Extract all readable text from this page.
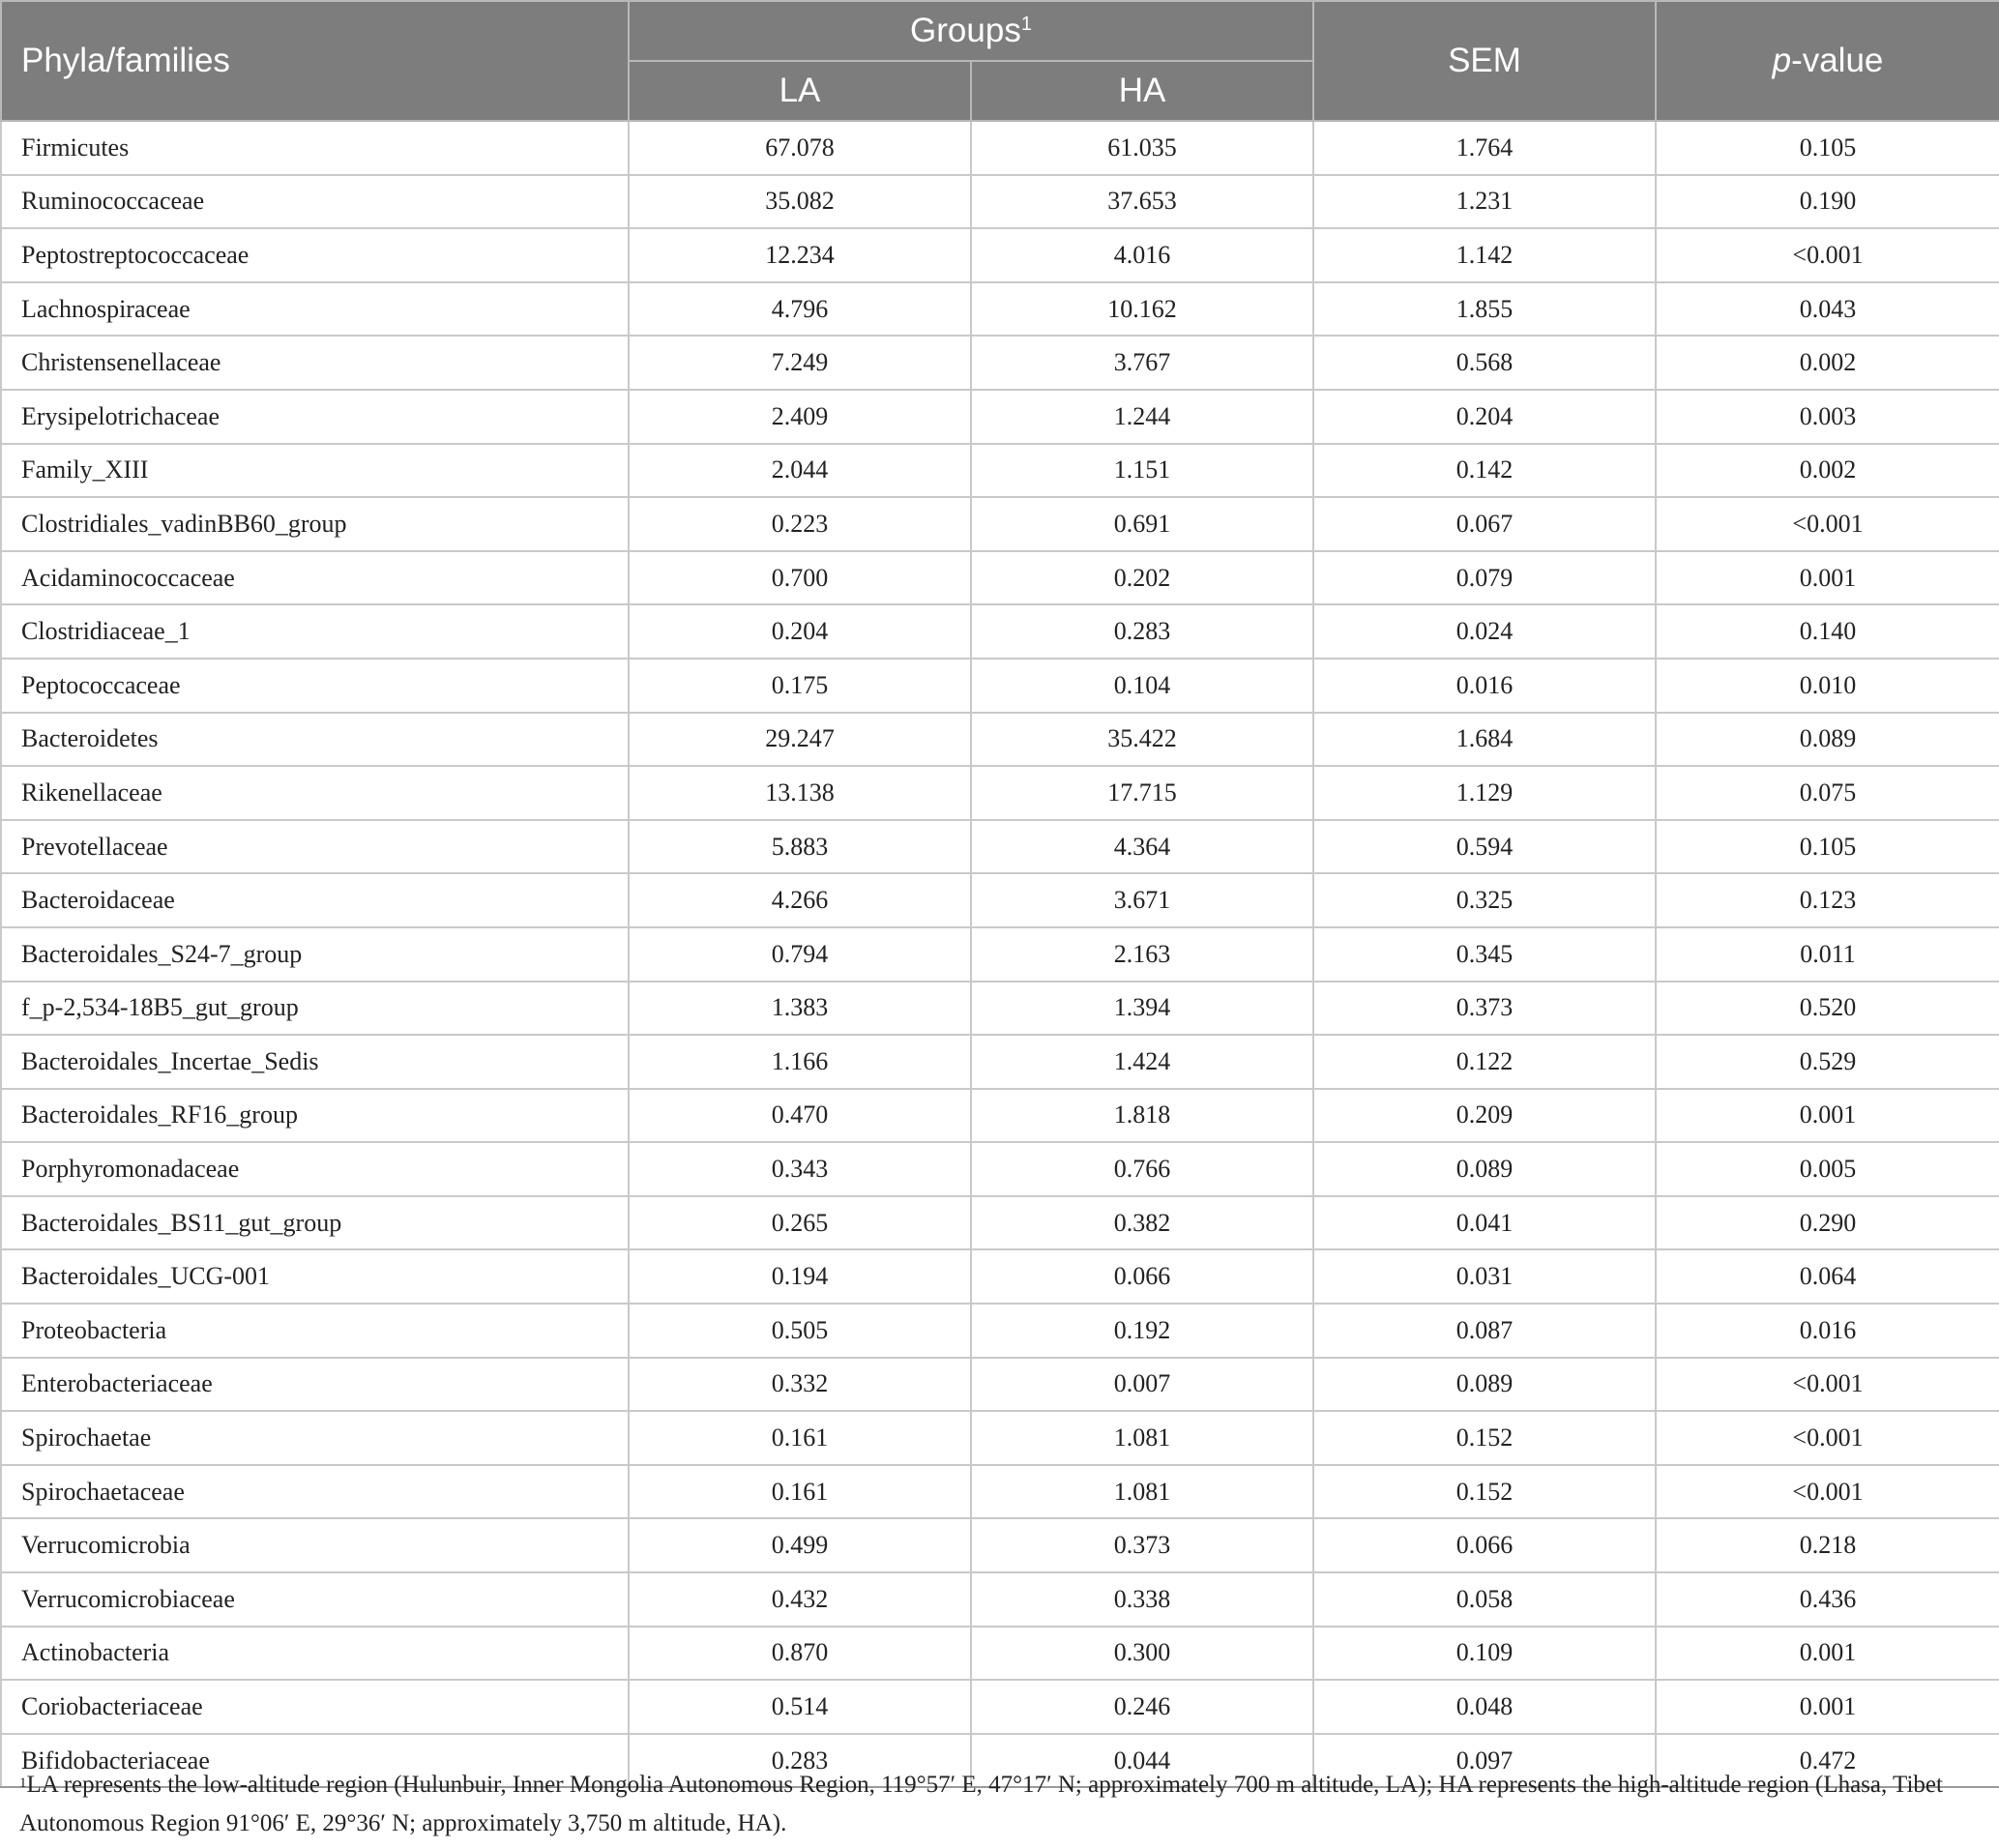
Phyla/families	Groups$^1$		SEM	p-value
	LA	HA		
Firmicutes	67.078	61.035	1.764	0.105
Ruminococcaceae	35.082	37.653	1.231	0.190
Peptostreptococcaceae	12.234	4.016	1.142	<0.001
Lachnospiraceae	4.796	10.162	1.855	0.043
Christensenellaceae	7.249	3.767	0.568	0.002
Erysipelotrichaceae	2.409	1.244	0.204	0.003
Family_XIII	2.044	1.151	0.142	0.002
Clostridiales_vadinBB60_group	0.223	0.691	0.067	<0.001
Acidaminococcaceae	0.700	0.202	0.079	0.001
Clostridiaceae_1	0.204	0.283	0.024	0.140
Peptococcaceae	0.175	0.104	0.016	0.010
Bacteroidetes	29.247	35.422	1.684	0.089
Rikenellaceae	13.138	17.715	1.129	0.075
Prevotellaceae	5.883	4.364	0.594	0.105
Bacteroidaceae	4.266	3.671	0.325	0.123
Bacteroidales_S24-7_group	0.794	2.163	0.345	0.011
f_p-2,534-18B5_gut_group	1.383	1.394	0.373	0.520
Bacteroidales_Incertae_Sedis	1.166	1.424	0.122	0.529
Bacteroidales_RF16_group	0.470	1.818	0.209	0.001
Porphyromonadaceae	0.343	0.766	0.089	0.005
Bacteroidales_BS11_gut_group	0.265	0.382	0.041	0.290
Bacteroidales_UCG-001	0.194	0.066	0.031	0.064
Proteobacteria	0.505	0.192	0.087	0.016
Enterobacteriaceae	0.332	0.007	0.089	<0.001
Spirochaetae	0.161	1.081	0.152	<0.001
Spirochaetaceae	0.161	1.081	0.152	<0.001
Verrucomicrobia	0.499	0.373	0.066	0.218
Verrucomicrobiaceae	0.432	0.338	0.058	0.436
Actinobacteria	0.870	0.300	0.109	0.001
Coriobacteriaceae	0.514	0.246	0.048	0.001
Bifidobacteriaceae	0.283	0.044	0.097	0.472
$^1$LA represents the low-altitude region (Hulunbuir, Inner Mongolia Autonomous Region, 119°57′ E, 47°17′ N; approximately 700 m altitude, LA); HA represents the high-altitude region (Lhasa, Tibet Autonomous Region 91°06′ E, 29°36′ N; approximately 3,750 m altitude, HA).
